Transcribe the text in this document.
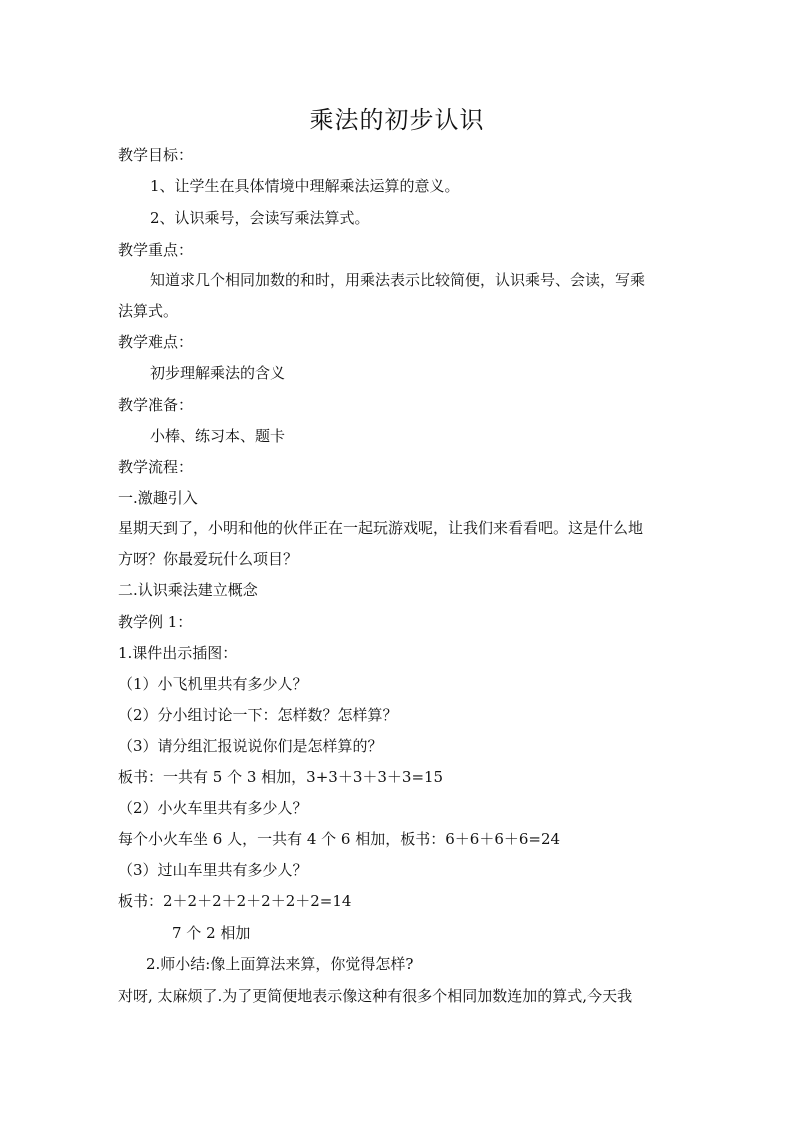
乘法的初步认识
教学目标：
1、让学生在具体情境中理解乘法运算的意义。
2、认识乘号，会读写乘法算式。
教学重点：
知道求几个相同加数的和时，用乘法表示比较简便，认识乘号、会读，写乘
法算式。
教学难点：
初步理解乘法的含义
教学准备：
小棒、练习本、题卡
教学流程：
一.激趣引入
星期天到了，小明和他的伙伴正在一起玩游戏呢，让我们来看看吧。这是什么地
方呀？你最爱玩什么项目？
二.认识乘法建立概念
教学例 1：
1.课件出示插图：
（1）小飞机里共有多少人？
（2）分小组讨论一下：怎样数？怎样算？
（3）请分组汇报说说你们是怎样算的？
板书：一共有 5 个 3 相加，3+3＋3＋3＋3=15
（2）小火车里共有多少人？
每个小火车坐 6 人，一共有 4 个 6 相加，板书：6＋6＋6＋6=24
（3）过山车里共有多少人？
板书：2＋2＋2＋2＋2＋2＋2=14
7 个 2 相加
2.师小结:像上面算法来算，你觉得怎样?
对呀, 太麻烦了.为了更简便地表示像这种有很多个相同加数连加的算式,今天我
